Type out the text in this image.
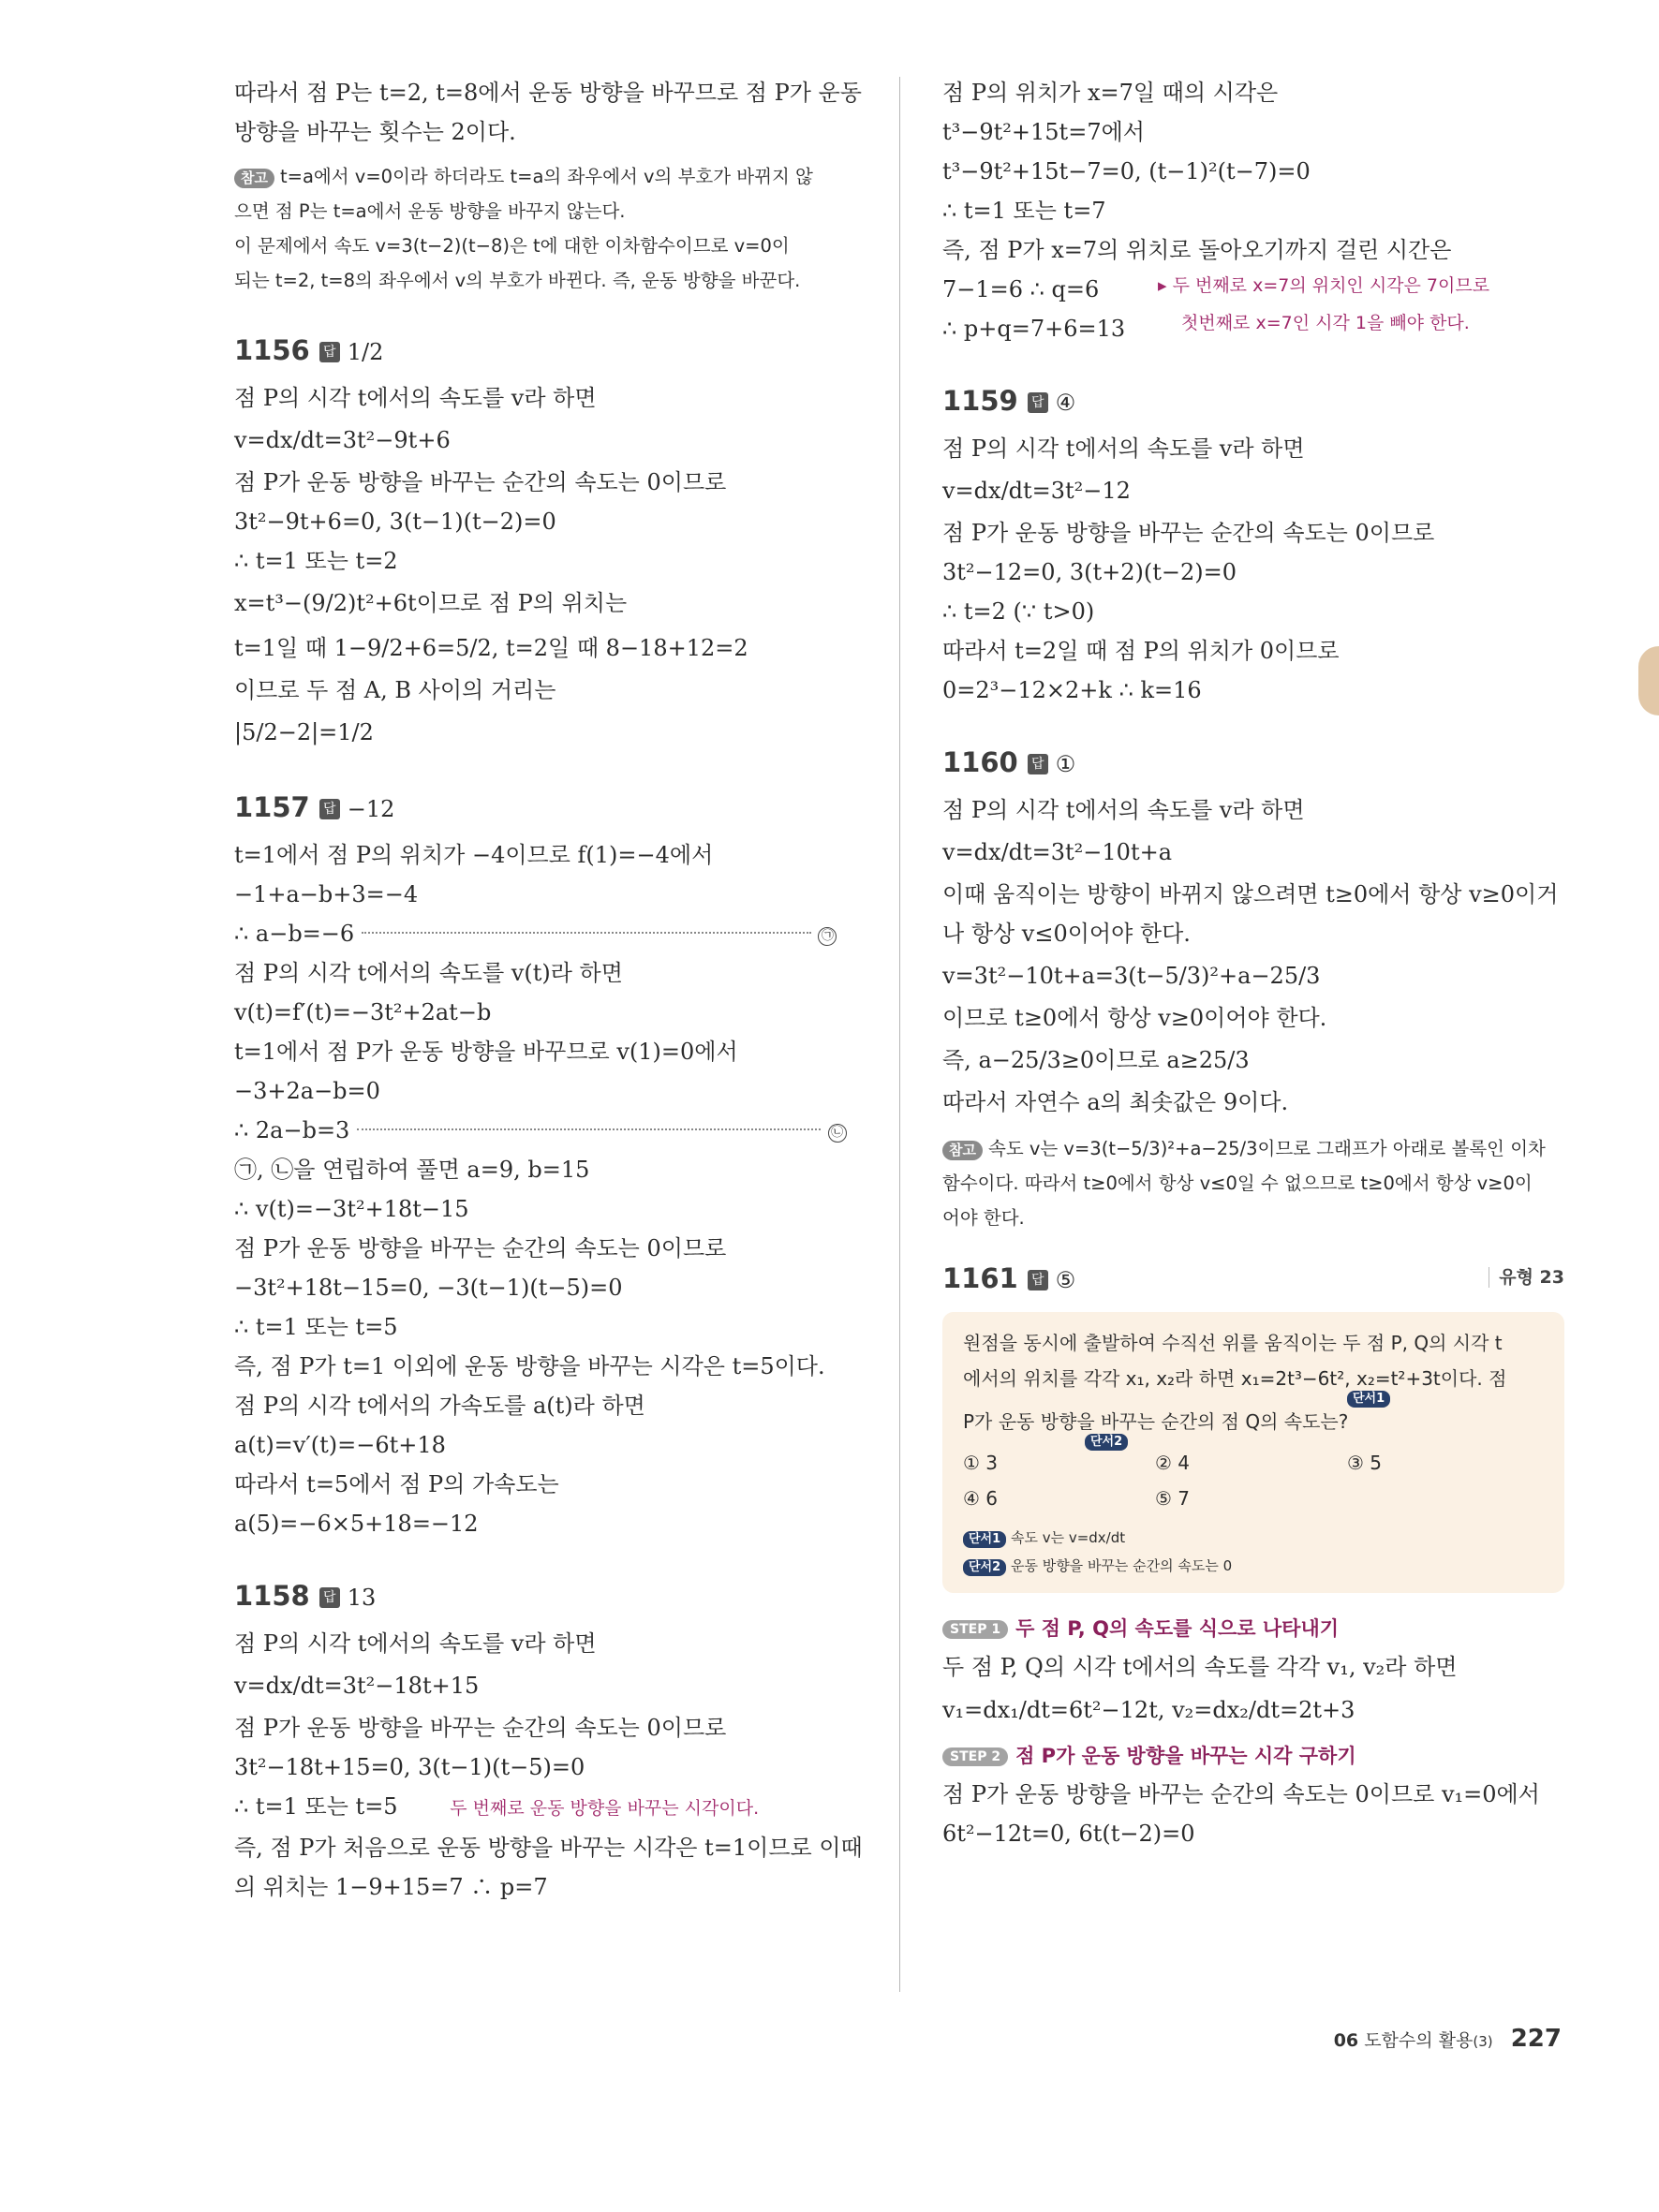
따라서 점 P는 t=2, t=8에서 운동 방향을 바꾸므로 점 P가 운동
방향을 바꾸는 횟수는 2이다.
참고 t=a에서 v=0이라 하더라도 t=a의 좌우에서 v의 부호가 바뀌지 않
으면 점 P는 t=a에서 운동 방향을 바꾸지 않는다.
이 문제에서 속도 v=3(t−2)(t−8)은 t에 대한 이차함수이므로 v=0이
되는 t=2, t=8의 좌우에서 v의 부호가 바뀐다. 즉, 운동 방향을 바꾼다.
1156 답 1/2
점 P의 시각 t에서의 속도를 v라 하면
v=dx/dt=3t²−9t+6
점 P가 운동 방향을 바꾸는 순간의 속도는 0이므로
3t²−9t+6=0, 3(t−1)(t−2)=0
∴ t=1 또는 t=2
x=t³−(9/2)t²+6t이므로 점 P의 위치는
t=1일 때 1−9/2+6=5/2, t=2일 때 8−18+12=2
이므로 두 점 A, B 사이의 거리는
|5/2−2|=1/2
1157 답 −12
t=1에서 점 P의 위치가 −4이므로 f(1)=−4에서
−1+a−b+3=−4
∴ a−b=−6	㉠
점 P의 시각 t에서의 속도를 v(t)라 하면
v(t)=f′(t)=−3t²+2at−b
t=1에서 점 P가 운동 방향을 바꾸므로 v(1)=0에서
−3+2a−b=0
∴ 2a−b=3	㉡
㉠, ㉡을 연립하여 풀면 a=9, b=15
∴ v(t)=−3t²+18t−15
점 P가 운동 방향을 바꾸는 순간의 속도는 0이므로
−3t²+18t−15=0, −3(t−1)(t−5)=0
∴ t=1 또는 t=5
즉, 점 P가 t=1 이외에 운동 방향을 바꾸는 시각은 t=5이다.
점 P의 시각 t에서의 가속도를 a(t)라 하면
a(t)=v′(t)=−6t+18
따라서 t=5에서 점 P의 가속도는
a(5)=−6×5+18=−12
1158 답 13
점 P의 시각 t에서의 속도를 v라 하면
v=dx/dt=3t²−18t+15
점 P가 운동 방향을 바꾸는 순간의 속도는 0이므로
3t²−18t+15=0, 3(t−1)(t−5)=0
∴ t=1 또는 t=5	두 번째로 운동 방향을 바꾸는 시각이다.
즉, 점 P가 처음으로 운동 방향을 바꾸는 시각은 t=1이므로 이때
의 위치는 1−9+15=7 ∴ p=7
점 P의 위치가 x=7일 때의 시각은
t³−9t²+15t=7에서
t³−9t²+15t−7=0, (t−1)²(t−7)=0
∴ t=1 또는 t=7
즉, 점 P가 x=7의 위치로 돌아오기까지 걸린 시간은
7−1=6 ∴ q=6	▸ 두 번째로 x=7의 위치인 시각은 7이므로
∴ p+q=7+6=13	첫번째로 x=7인 시각 1을 빼야 한다.
1159 답 ④
점 P의 시각 t에서의 속도를 v라 하면
v=dx/dt=3t²−12
점 P가 운동 방향을 바꾸는 순간의 속도는 0이므로
3t²−12=0, 3(t+2)(t−2)=0
∴ t=2 (∵ t>0)
따라서 t=2일 때 점 P의 위치가 0이므로
0=2³−12×2+k ∴ k=16
1160 답 ①
점 P의 시각 t에서의 속도를 v라 하면
v=dx/dt=3t²−10t+a
이때 움직이는 방향이 바뀌지 않으려면 t≥0에서 항상 v≥0이거
나 항상 v≤0이어야 한다.
v=3t²−10t+a=3(t−5/3)²+a−25/3
이므로 t≥0에서 항상 v≥0이어야 한다.
즉, a−25/3≥0이므로 a≥25/3
따라서 자연수 a의 최솟값은 9이다.
참고 속도 v는 v=3(t−5/3)²+a−25/3이므로 그래프가 아래로 볼록인 이차
함수이다. 따라서 t≥0에서 항상 v≤0일 수 없으므로 t≥0에서 항상 v≥0이
어야 한다.
1161 답 ⑤	유형 23
원점을 동시에 출발하여 수직선 위를 움직이는 두 점 P, Q의 시각 t
에서의 위치를 각각 x₁, x₂라 하면 x₁=2t³−6t², x₂=t²+3t이다. 점
단서1
P가 운동 방향을 바꾸는 순간의 점 Q의 속도는?
단서2
① 3	② 4	③ 5
④ 6	⑤ 7
단서1 속도 v는 v=dx/dt
단서2 운동 방향을 바꾸는 순간의 속도는 0
STEP 1 두 점 P, Q의 속도를 식으로 나타내기
두 점 P, Q의 시각 t에서의 속도를 각각 v₁, v₂라 하면
v₁=dx₁/dt=6t²−12t, v₂=dx₂/dt=2t+3
STEP 2 점 P가 운동 방향을 바꾸는 시각 구하기
점 P가 운동 방향을 바꾸는 순간의 속도는 0이므로 v₁=0에서
6t²−12t=0, 6t(t−2)=0
06 도함수의 활용(3) 227
